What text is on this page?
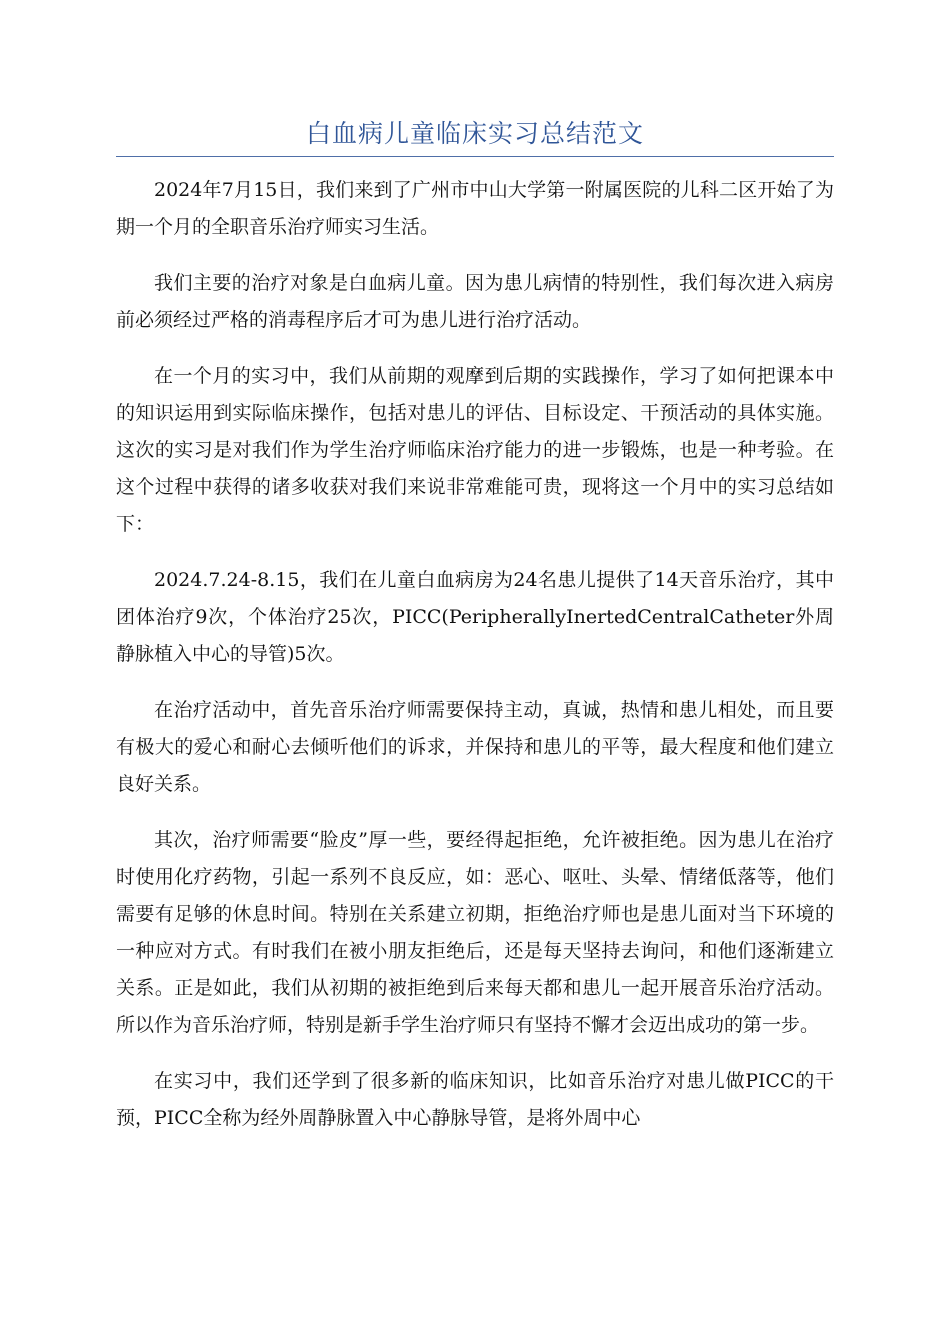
白血病儿童临床实习总结范文

2024年7月15日，我们来到了广州市中山大学第一附属医院的儿科二区开始了为期一个月的全职音乐治疗师实习生活。

我们主要的治疗对象是白血病儿童。因为患儿病情的特别性，我们每次进入病房前必须经过严格的消毒程序后才可为患儿进行治疗活动。

在一个月的实习中，我们从前期的观摩到后期的实践操作，学习了如何把课本中的知识运用到实际临床操作，包括对患儿的评估、目标设定、干预活动的具体实施。这次的实习是对我们作为学生治疗师临床治疗能力的进一步锻炼，也是一种考验。在这个过程中获得的诸多收获对我们来说非常难能可贵，现将这一个月中的实习总结如下：

2024.7.24-8.15，我们在儿童白血病房为24名患儿提供了14天音乐治疗，其中团体治疗9次，个体治疗25次，PICC(PeripherallyInertedCentralCatheter外周静脉植入中心的导管)5次。

在治疗活动中，首先音乐治疗师需要保持主动，真诚，热情和患儿相处，而且要有极大的爱心和耐心去倾听他们的诉求，并保持和患儿的平等，最大程度和他们建立良好关系。

其次，治疗师需要“脸皮”厚一些，要经得起拒绝，允许被拒绝。因为患儿在治疗时使用化疗药物，引起一系列不良反应，如：恶心、呕吐、头晕、情绪低落等，他们需要有足够的休息时间。特别在关系建立初期，拒绝治疗师也是患儿面对当下环境的一种应对方式。有时我们在被小朋友拒绝后，还是每天坚持去询问，和他们逐渐建立关系。正是如此，我们从初期的被拒绝到后来每天都和患儿一起开展音乐治疗活动。所以作为音乐治疗师，特别是新手学生治疗师只有坚持不懈才会迈出成功的第一步。

在实习中，我们还学到了很多新的临床知识，比如音乐治疗对患儿做PICC的干预，PICC全称为经外周静脉置入中心静脉导管，是将外周中心
